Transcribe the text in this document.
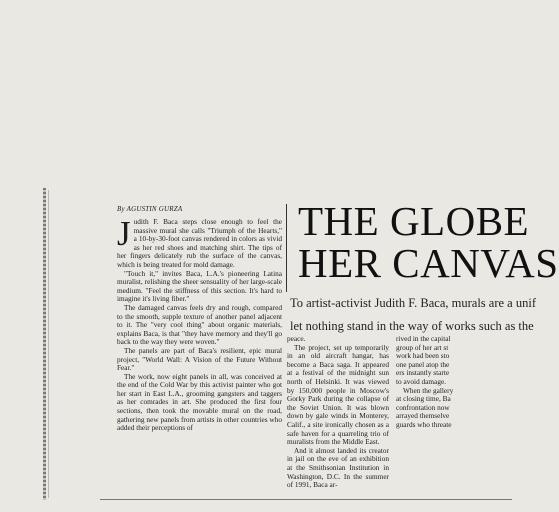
By AGUSTIN GURZA

Judith F. Baca steps close enough to feel the massive mural she calls "Triumph of the Hearts," a 10-by-30-foot canvas rendered in colors as vivid as her red shoes and matching shirt. The tips of her fingers delicately rub the surface of the canvas, which is being treated for mold damage.

"Touch it," invites Baca, L.A.'s pioneering Latina muralist, relishing the sheer sensuality of her large-scale medium. "Feel the stiffness of this section. It's hard to imagine it's living fiber."

The damaged canvas feels dry and rough, compared to the smooth, supple texture of another panel adjacent to it. The "very cool thing" about organic materials, explains Baca, is that "they have memory and they'll go back to the way they were woven."

The panels are part of Baca's resilient, epic mural project, "World Wall: A Vision of the Future Without Fear."

The work, now eight panels in all, was conceived at the end of the Cold War by this activist painter who got her start in East L.A., grooming gangsters and taggers as her comrades in art. She produced the first four sections, then took the movable mural on the road, gathering new panels from artists in other countries who added their perceptions of

THE GLOBE
HER CANVAS
To artist-activist Judith F. Baca, murals are a unif
let nothing stand in the way of works such as the

peace.

The project, set up temporarily in an old aircraft hangar, has become a Baca saga. It appeared at a festival of the midnight sun north of Helsinki. It was viewed by 150,000 people in Moscow's Gorky Park during the collapse of the Soviet Union. It was blown down by gale winds in Monterey, Calif., a site ironically chosen as a safe haven for a quarreling trio of muralists from the Middle East.

And it almost landed its creator in jail on the eve of an exhibition at the Smithsonian Institution in Washington, D.C. In the summer of 1991, Baca ar-

rived in the capital
group of her art st
work had been sto
one panel atop the
ers instantly starte
to avoid damage.
When the gallery
at closing time, Ba
confrontation now
arrayed themselve
guards who threate
